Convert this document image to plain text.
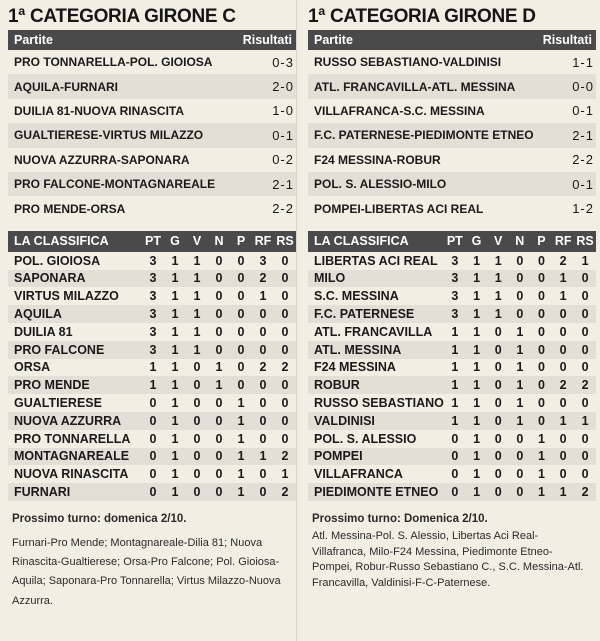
1ª CATEGORIA GIRONE C
Partite	Risultati
PRO TONNARELLA-POL. GIOIOSA	0-3
AQUILA-FURNARI	2-0
DUILIA 81-NUOVA RINASCITA	1-0
GUALTIERESE-VIRTUS MILAZZO	0-1
NUOVA AZZURRA-SAPONARA	0-2
PRO FALCONE-MONTAGNAREALE	2-1
PRO MENDE-ORSA	2-2
LA CLASSIFICA	PT	G	V	N	P	RF	RS
POL. GIOIOSA	3	1	1	0	0	3	0
SAPONARA	3	1	1	0	0	2	0
VIRTUS MILAZZO	3	1	1	0	0	1	0
AQUILA	3	1	1	0	0	0	0
DUILIA 81	3	1	1	0	0	0	0
PRO FALCONE	3	1	1	0	0	0	0
ORSA	1	1	0	1	0	2	2
PRO MENDE	1	1	0	1	0	0	0
GUALTIERESE	0	1	0	0	1	0	0
NUOVA AZZURRA	0	1	0	0	1	0	0
PRO TONNARELLA	0	1	0	0	1	0	0
MONTAGNAREALE	0	1	0	0	1	1	2
NUOVA RINASCITA	0	1	0	0	1	0	1
FURNARI	0	1	0	0	1	0	2
Prossimo turno: domenica 2/10.
Furnari-Pro Mende; Montagnareale-Dilia 81; Nuova Rinascita-Gualtierese; Orsa-Pro Falcone; Pol. Gioiosa-Aquila; Saponara-Pro Tonnarella; Virtus Milazzo-Nuova Azzurra.
1ª CATEGORIA GIRONE D
Partite	Risultati
RUSSO SEBASTIANO-VALDINISI	1-1
ATL. FRANCAVILLA-ATL. MESSINA	0-0
VILLAFRANCA-S.C. MESSINA	0-1
F.C. PATERNESE-PIEDIMONTE ETNEO	2-1
F24 MESSINA-ROBUR	2-2
POL. S. ALESSIO-MILO	0-1
POMPEI-LIBERTAS ACI REAL	1-2
LA CLASSIFICA	PT	G	V	N	P	RF	RS
LIBERTAS ACI REAL	3	1	1	0	0	2	1
MILO	3	1	1	0	0	1	0
S.C. MESSINA	3	1	1	0	0	1	0
F.C. PATERNESE	3	1	1	0	0	0	0
ATL. FRANCAVILLA	1	1	0	1	0	0	0
ATL. MESSINA	1	1	0	1	0	0	0
F24 MESSINA	1	1	0	1	0	0	0
ROBUR	1	1	0	1	0	2	2
RUSSO SEBASTIANO	1	1	0	1	0	0	0
VALDINISI	1	1	0	1	0	1	1
POL. S. ALESSIO	0	1	0	0	1	0	0
POMPEI	0	1	0	0	1	0	0
VILLAFRANCA	0	1	0	0	1	0	0
PIEDIMONTE ETNEO	0	1	0	0	1	1	2
Prossimo turno: Domenica 2/10.
Atl. Messina-Pol. S. Alessio, Libertas Aci Real-Villafranca, Milo-F24 Messina, Piedimonte Etneo-Pompei, Robur-Russo Sebastiano C., S.C. Messina-Atl. Francavilla, Valdinisi-F-C-Paternese.
